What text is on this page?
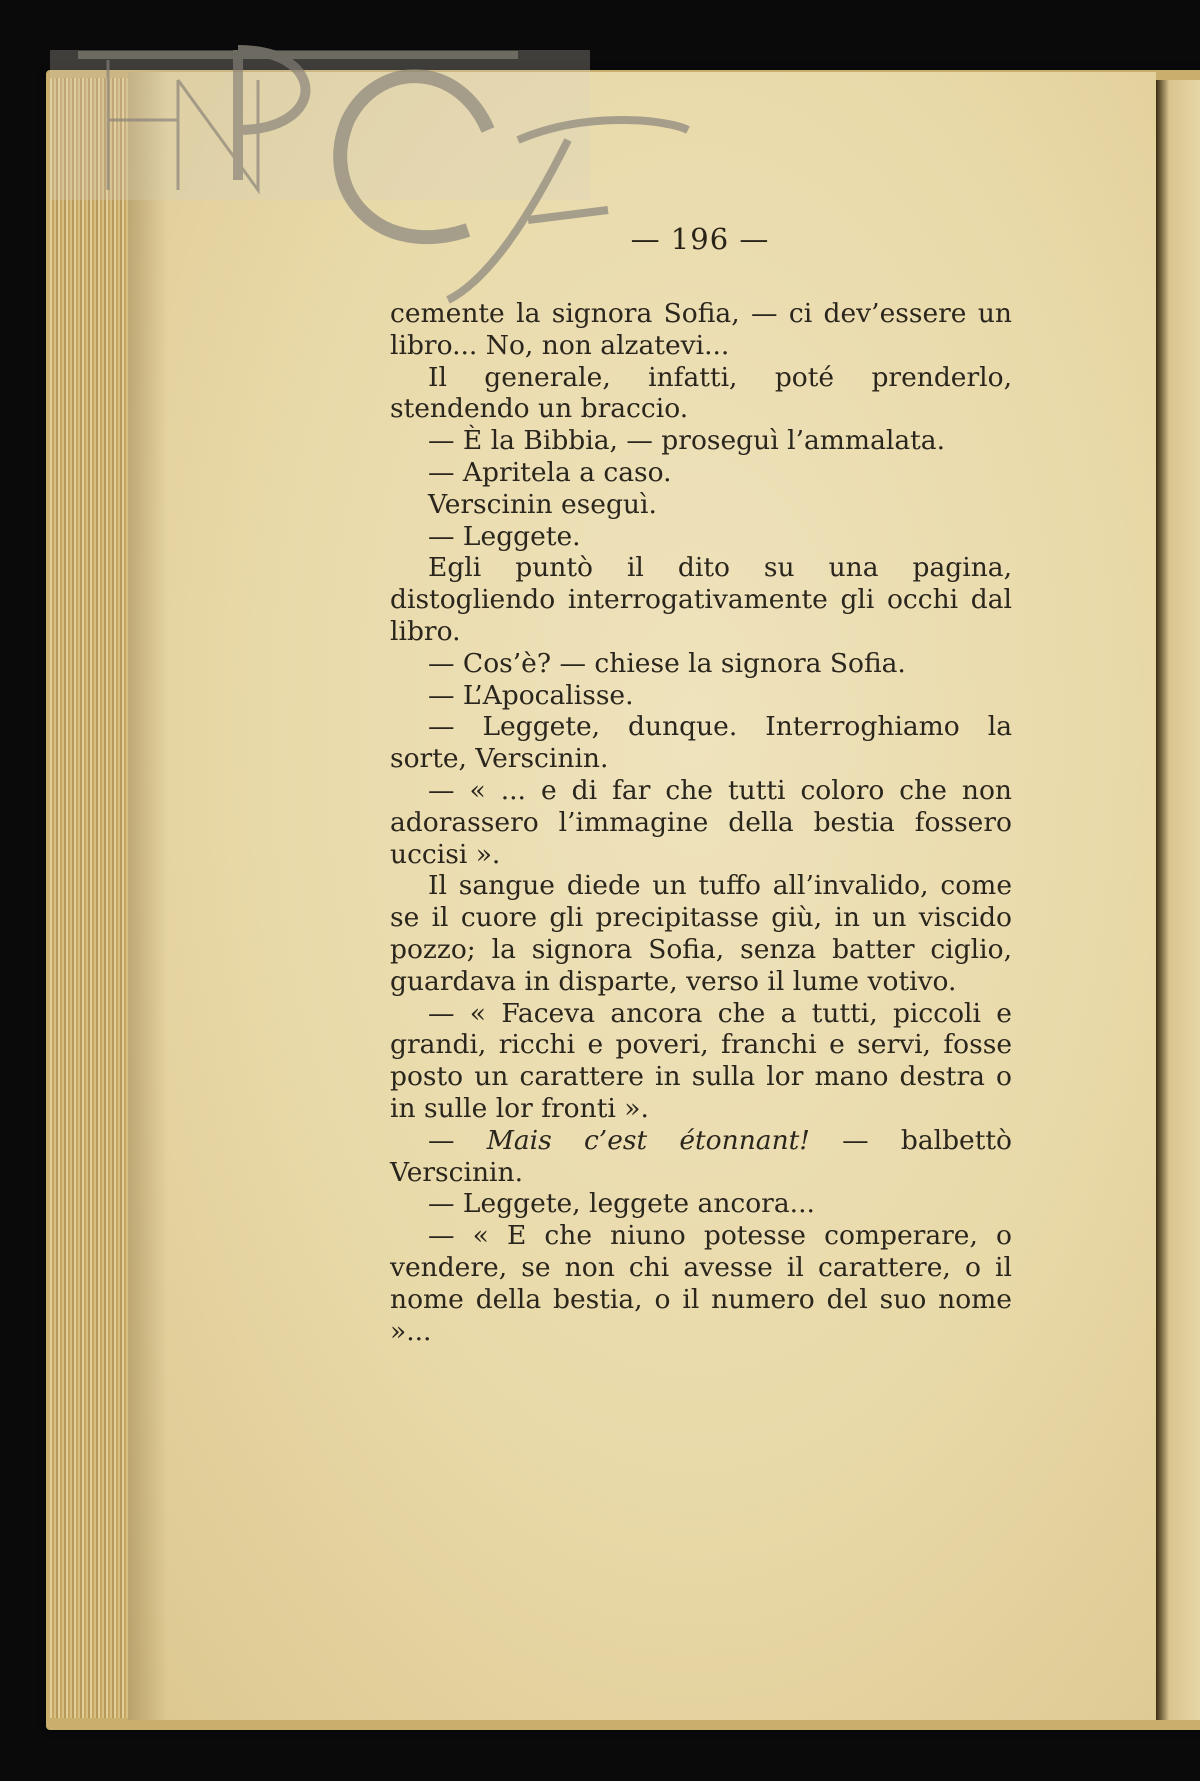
— 196 —

cemente la signora Sofia, — ci dev’essere un libro... No, non alzatevi...

Il generale, infatti, poté prenderlo, stendendo un braccio.

— È la Bibbia, — proseguì l’ammalata.

— Apritela a caso.

Verscinin eseguì.

— Leggete.

Egli puntò il dito su una pagina, distogliendo interrogativamente gli occhi dal libro.

— Cos’è? — chiese la signora Sofia.

— L’Apocalisse.

— Leggete, dunque. Interroghiamo la sorte, Verscinin.

— « ... e di far che tutti coloro che non adorassero l’immagine della bestia fossero uccisi ».

Il sangue diede un tuffo all’invalido, come se il cuore gli precipitasse giù, in un viscido pozzo; la signora Sofia, senza batter ciglio, guardava in disparte, verso il lume votivo.

— « Faceva ancora che a tutti, piccoli e grandi, ricchi e poveri, franchi e servi, fosse posto un carattere in sulla lor mano destra o in sulle lor fronti ».

— Mais c’est étonnant! — balbettò Verscinin.

— Leggete, leggete ancora...

— « E che niuno potesse comperare, o vendere, se non chi avesse il carattere, o il nome della bestia, o il numero del suo nome »...
